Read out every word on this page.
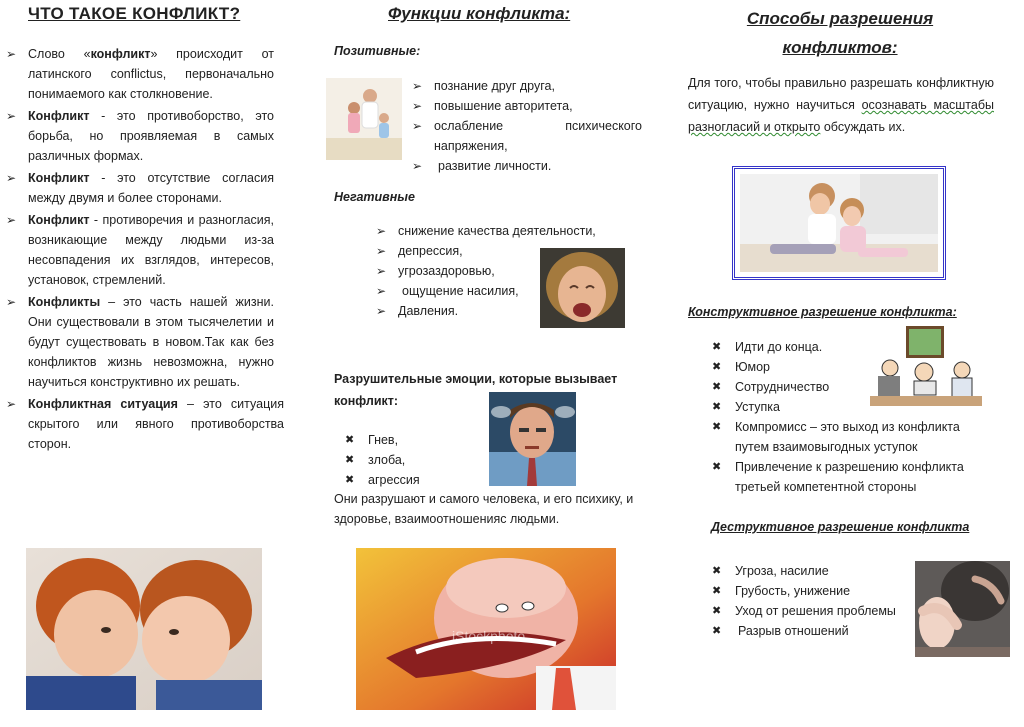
ЧТО ТАКОЕ КОНФЛИКТ?
➢ Слово «конфликт» происходит от латинского conflictus, первоначально понимаемого как столкновение.
➢ Конфликт - это противоборство, это борьба, но проявляемая в самых различных формах.
➢ Конфликт - это отсутствие согласия между двумя и более сторонами.
➢ Конфликт - противоречия и разногласия, возникающие между людьми из-за несовпадения их взглядов, интересов, установок, стремлений.
➢ Конфликты – это часть нашей жизни. Они существовали в этом тысячелетии и будут существовать в новом.Так как без конфликтов жизнь невозможна, нужно научиться конструктивно их решать.
➢ Конфликтная ситуация – это ситуация скрытого или явного противоборства сторон.
Функции конфликта:
Позитивные:
➢ познание друг друга,
➢ повышение авторитета,
➢ ослабление психического напряжения,
➢ развитие личности.
Негативные
➢ снижение качества деятельности,
➢ депрессия,
➢ угрозаздоровью,
➢ ощущение насилия,
➢ Давления.
Разрушительные эмоции, которые вызывает конфликт:
✖ Гнев,
✖ злоба,
✖ агрессия
Они разрушают и самого человека, и его психику, и здоровье, взаимоотношенияс людьми.
iStockphoto
Способы разрешения
конфликтов:
Для того, чтобы правильно разрешать конфликтную ситуацию, нужно научиться осознавать масштабы разногласий и открыто обсуждать их.
Конструктивное разрешение конфликта:
✖ Идти до конца.
✖ Юмор
✖ Сотрудничество
✖ Уступка
✖ Компромисс – это выход из конфликта путем взаимовыгодных уступок
✖ Привлечение к разрешению конфликта третьей компетентной стороны
Деструктивное разрешение конфликта
✖ Угроза, насилие
✖ Грубость, унижение
✖ Уход от решения проблемы
✖ Разрыв отношений
